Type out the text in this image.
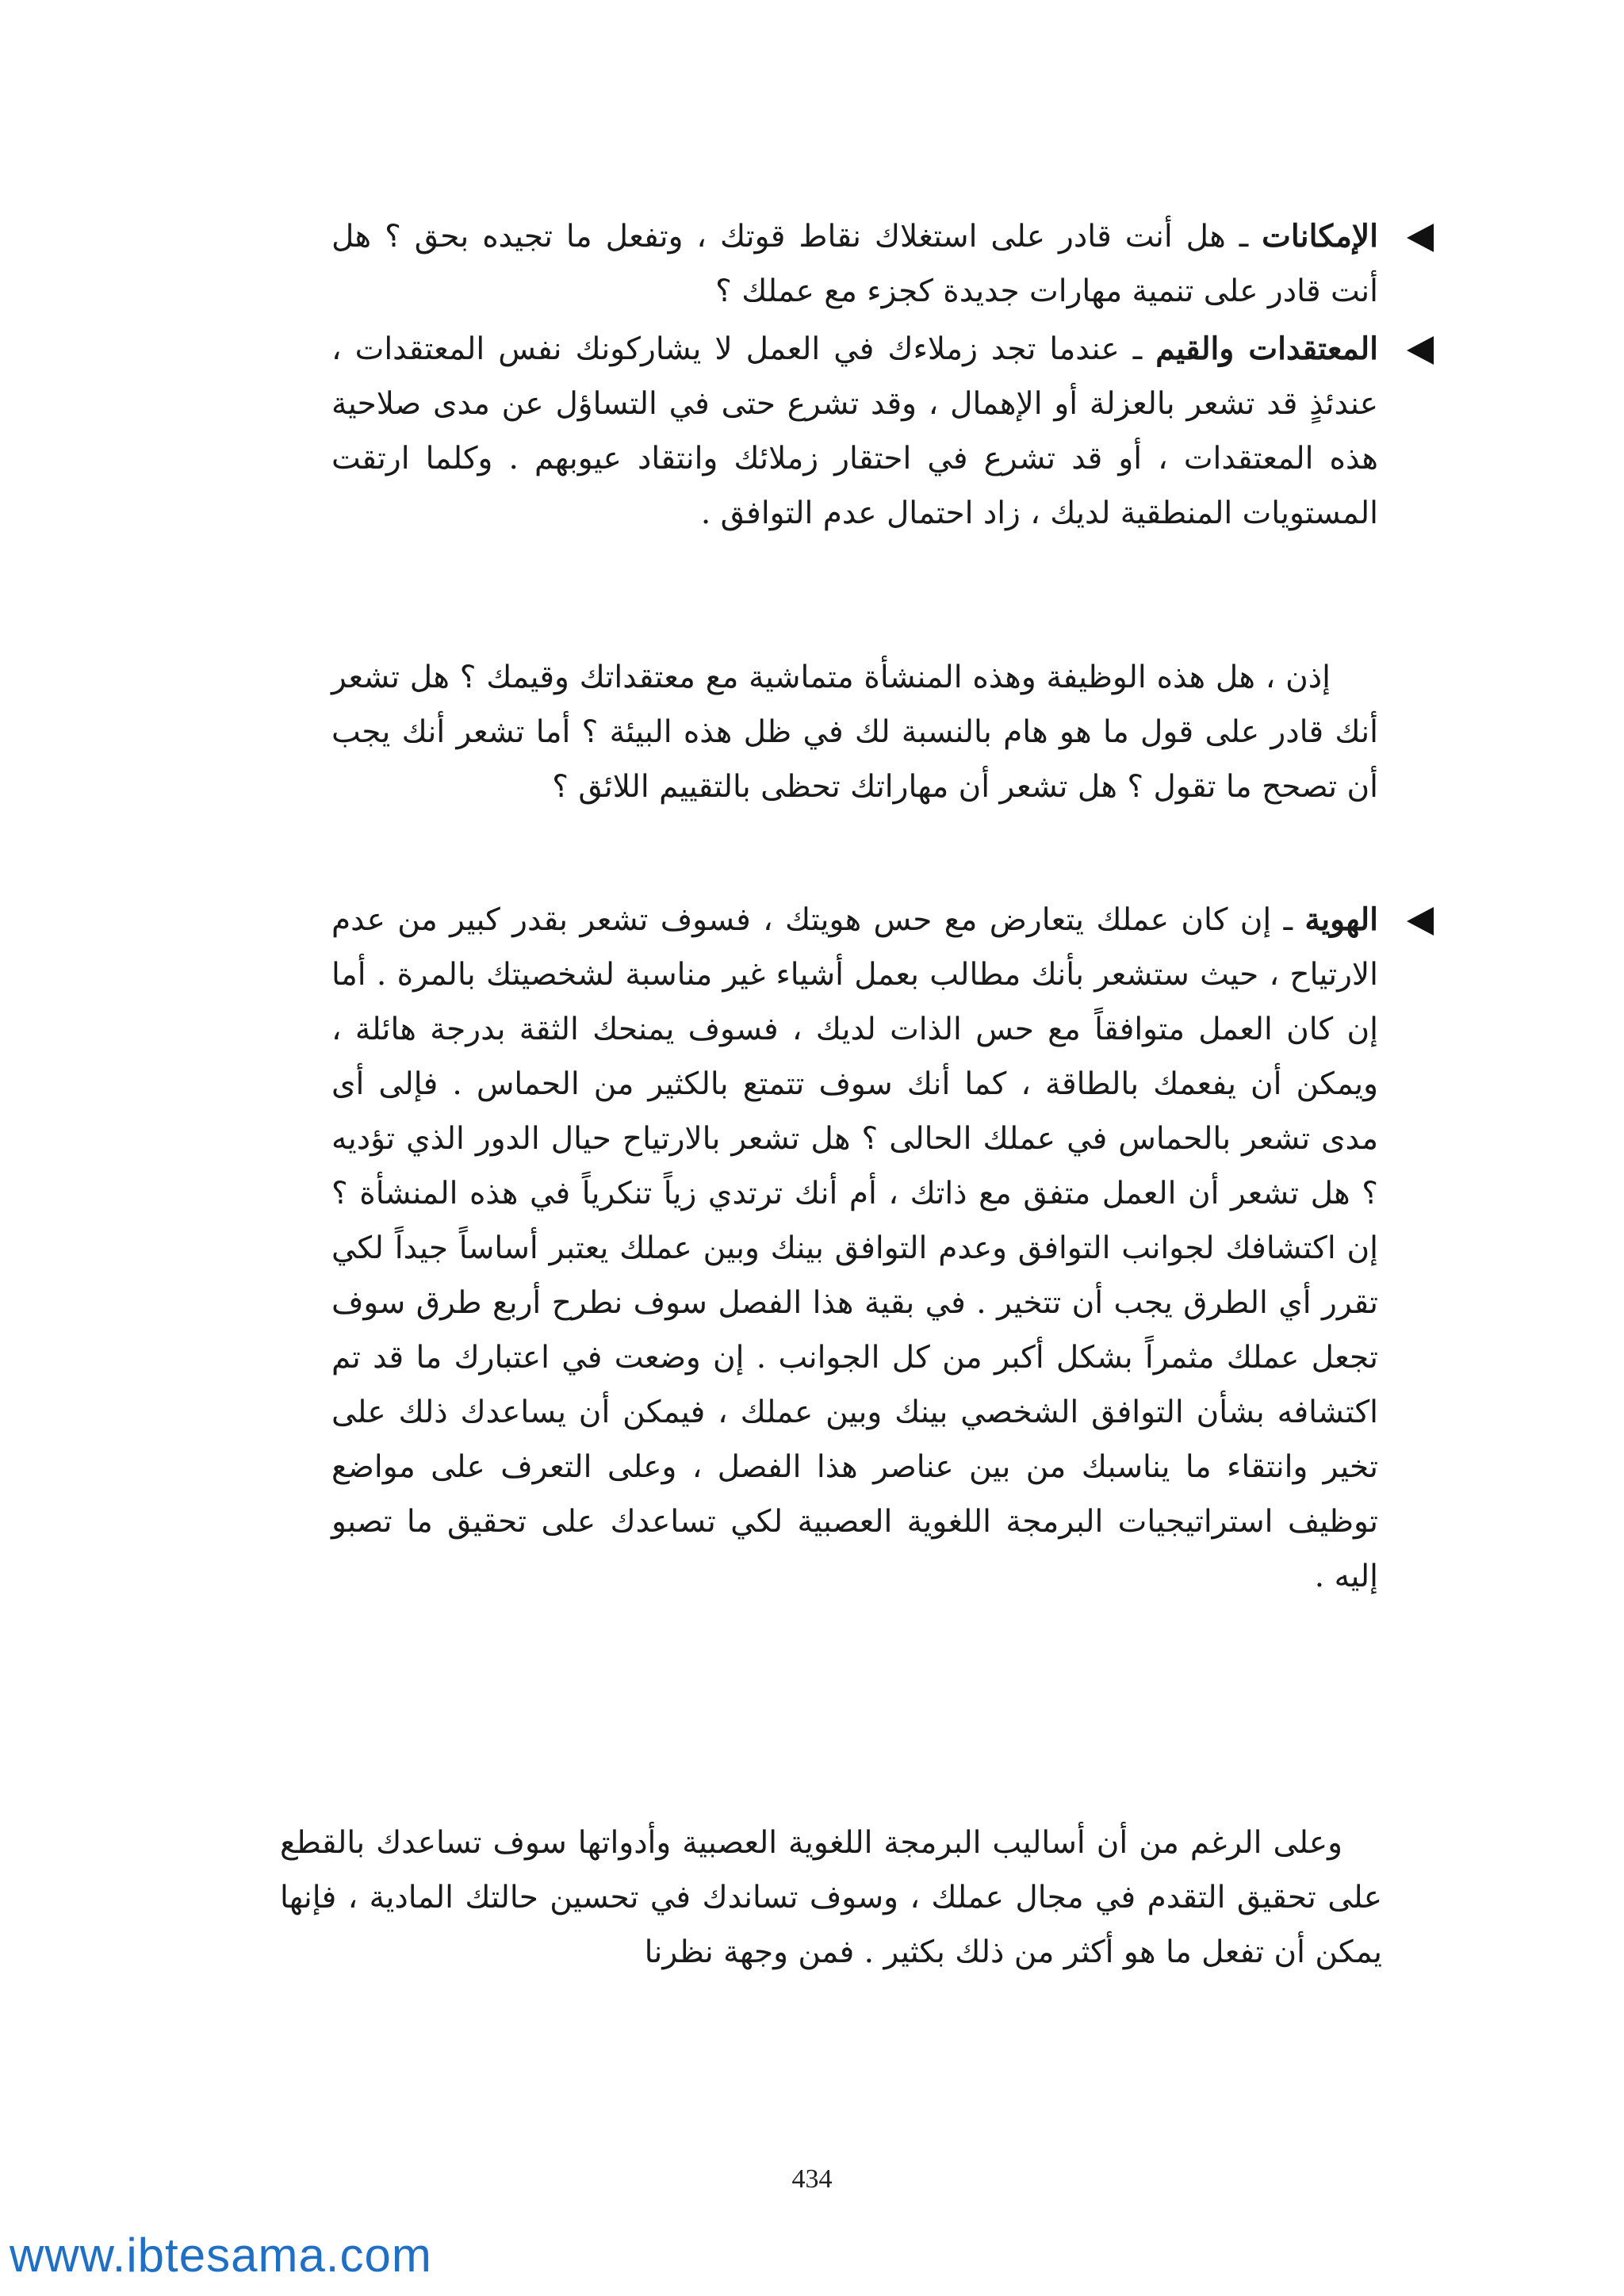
الإمكانات ـ هل أنت قادر على استغلاك نقاط قوتك ، وتفعل ما تجيده بحق ؟ هل أنت قادر على تنمية مهارات جديدة كجزء مع عملك ؟
المعتقدات والقيم ـ عندما تجد زملاءك في العمل لا يشاركونك نفس المعتقدات ، عندئذٍ قد تشعر بالعزلة أو الإهمال ، وقد تشرع حتى في التساؤل عن مدى صلاحية هذه المعتقدات ، أو قد تشرع في احتقار زملائك وانتقاد عيوبهم . وكلما ارتقت المستويات المنطقية لديك ، زاد احتمال عدم التوافق .
إذن ، هل هذه الوظيفة وهذه المنشأة متماشية مع معتقداتك وقيمك ؟ هل تشعر أنك قادر على قول ما هو هام بالنسبة لك في ظل هذه البيئة ؟ أما تشعر أنك يجب أن تصحح ما تقول ؟ هل تشعر أن مهاراتك تحظى بالتقييم اللائق ؟
الهوية ـ إن كان عملك يتعارض مع حس هويتك ، فسوف تشعر بقدر كبير من عدم الارتياح ، حيث ستشعر بأنك مطالب بعمل أشياء غير مناسبة لشخصيتك بالمرة . أما إن كان العمل متوافقاً مع حس الذات لديك ، فسوف يمنحك الثقة بدرجة هائلة ، ويمكن أن يفعمك بالطاقة ، كما أنك سوف تتمتع بالكثير من الحماس . فإلى أى مدى تشعر بالحماس في عملك الحالى ؟ هل تشعر بالارتياح حيال الدور الذي تؤديه ؟ هل تشعر أن العمل متفق مع ذاتك ، أم أنك ترتدي زياً تنكرياً في هذه المنشأة ؟ إن اكتشافك لجوانب التوافق وعدم التوافق بينك وبين عملك يعتبر أساساً جيداً لكي تقرر أي الطرق يجب أن تتخير . في بقية هذا الفصل سوف نطرح أربع طرق سوف تجعل عملك مثمراً بشكل أكبر من كل الجوانب . إن وضعت في اعتبارك ما قد تم اكتشافه بشأن التوافق الشخصي بينك وبين عملك ، فيمكن أن يساعدك ذلك على تخير وانتقاء ما يناسبك من بين عناصر هذا الفصل ، وعلى التعرف على مواضع توظيف استراتيجيات البرمجة اللغوية العصبية لكي تساعدك على تحقيق ما تصبو إليه .
وعلى الرغم من أن أساليب البرمجة اللغوية العصبية وأدواتها سوف تساعدك بالقطع على تحقيق التقدم في مجال عملك ، وسوف تساندك في تحسين حالتك المادية ، فإنها يمكن أن تفعل ما هو أكثر من ذلك بكثير . فمن وجهة نظرنا
434
www.ibtesama.com
